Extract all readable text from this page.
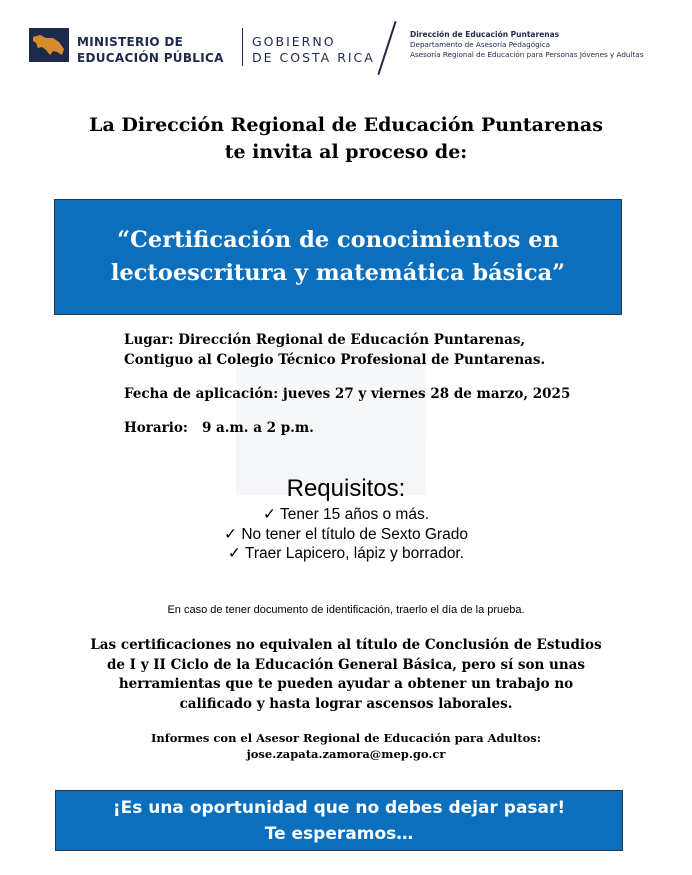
MINISTERIO DE
EDUCACIÓN PÚBLICA
GOBIERNO
DE COSTA RICA
Dirección de Educación Puntarenas
Departamento de Asesoría Pedagógica
Asesoría Regional de Educación para Personas Jóvenes y Adultas
La Dirección Regional de Educación Puntarenas
te invita al proceso de:
“Certificación de conocimientos en
lectoescritura y matemática básica”
Lugar: Dirección Regional de Educación Puntarenas,
Contiguo al Colegio Técnico Profesional de Puntarenas.
Fecha de aplicación: jueves 27 y viernes 28 de marzo, 2025
Horario: 9 a.m. a 2 p.m.
Requisitos:
✓ Tener 15 años o más.
✓ No tener el título de Sexto Grado
✓ Traer Lapicero, lápiz y borrador.
En caso de tener documento de identificación, traerlo el día de la prueba.
Las certificaciones no equivalen al título de Conclusión de Estudios
de I y II Ciclo de la Educación General Básica, pero sí son unas
herramientas que te pueden ayudar a obtener un trabajo no
calificado y hasta lograr ascensos laborales.
Informes con el Asesor Regional de Educación para Adultos:
jose.zapata.zamora@mep.go.cr
¡Es una oportunidad que no debes dejar pasar!
Te esperamos…
